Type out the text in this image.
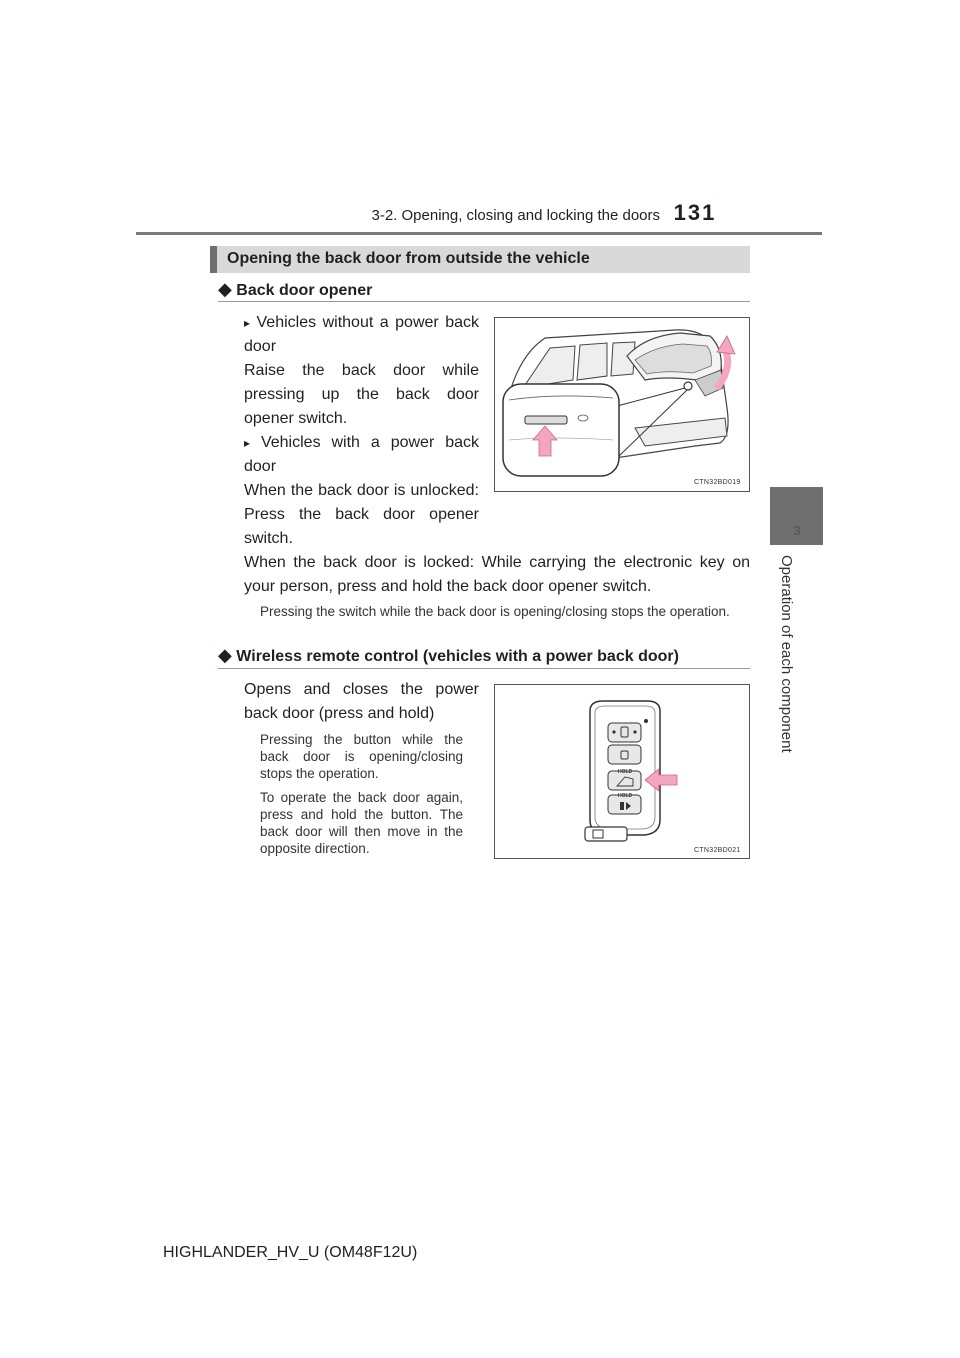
3-2. Opening, closing and locking the doors 131
3
Operation of each component
Opening the back door from outside the vehicle
◆ Back door opener
▸ Vehicles without a power back door
Raise the back door while pressing up the back door opener switch.
▸ Vehicles with a power back door
When the back door is unlocked: Press the back door opener switch.
When the back door is locked: While carrying the electronic key on your person, press and hold the back door opener switch.
Pressing the switch while the back door is opening/closing stops the operation.
CTN32BD019
◆ Wireless remote control (vehicles with a power back door)
Opens and closes the power back door (press and hold)
Pressing the button while the back door is opening/closing stops the operation.
To operate the back door again, press and hold the button. The back door will then move in the opposite direction.
HOLD
HOLD
CTN32BD021
HIGHLANDER_HV_U (OM48F12U)
